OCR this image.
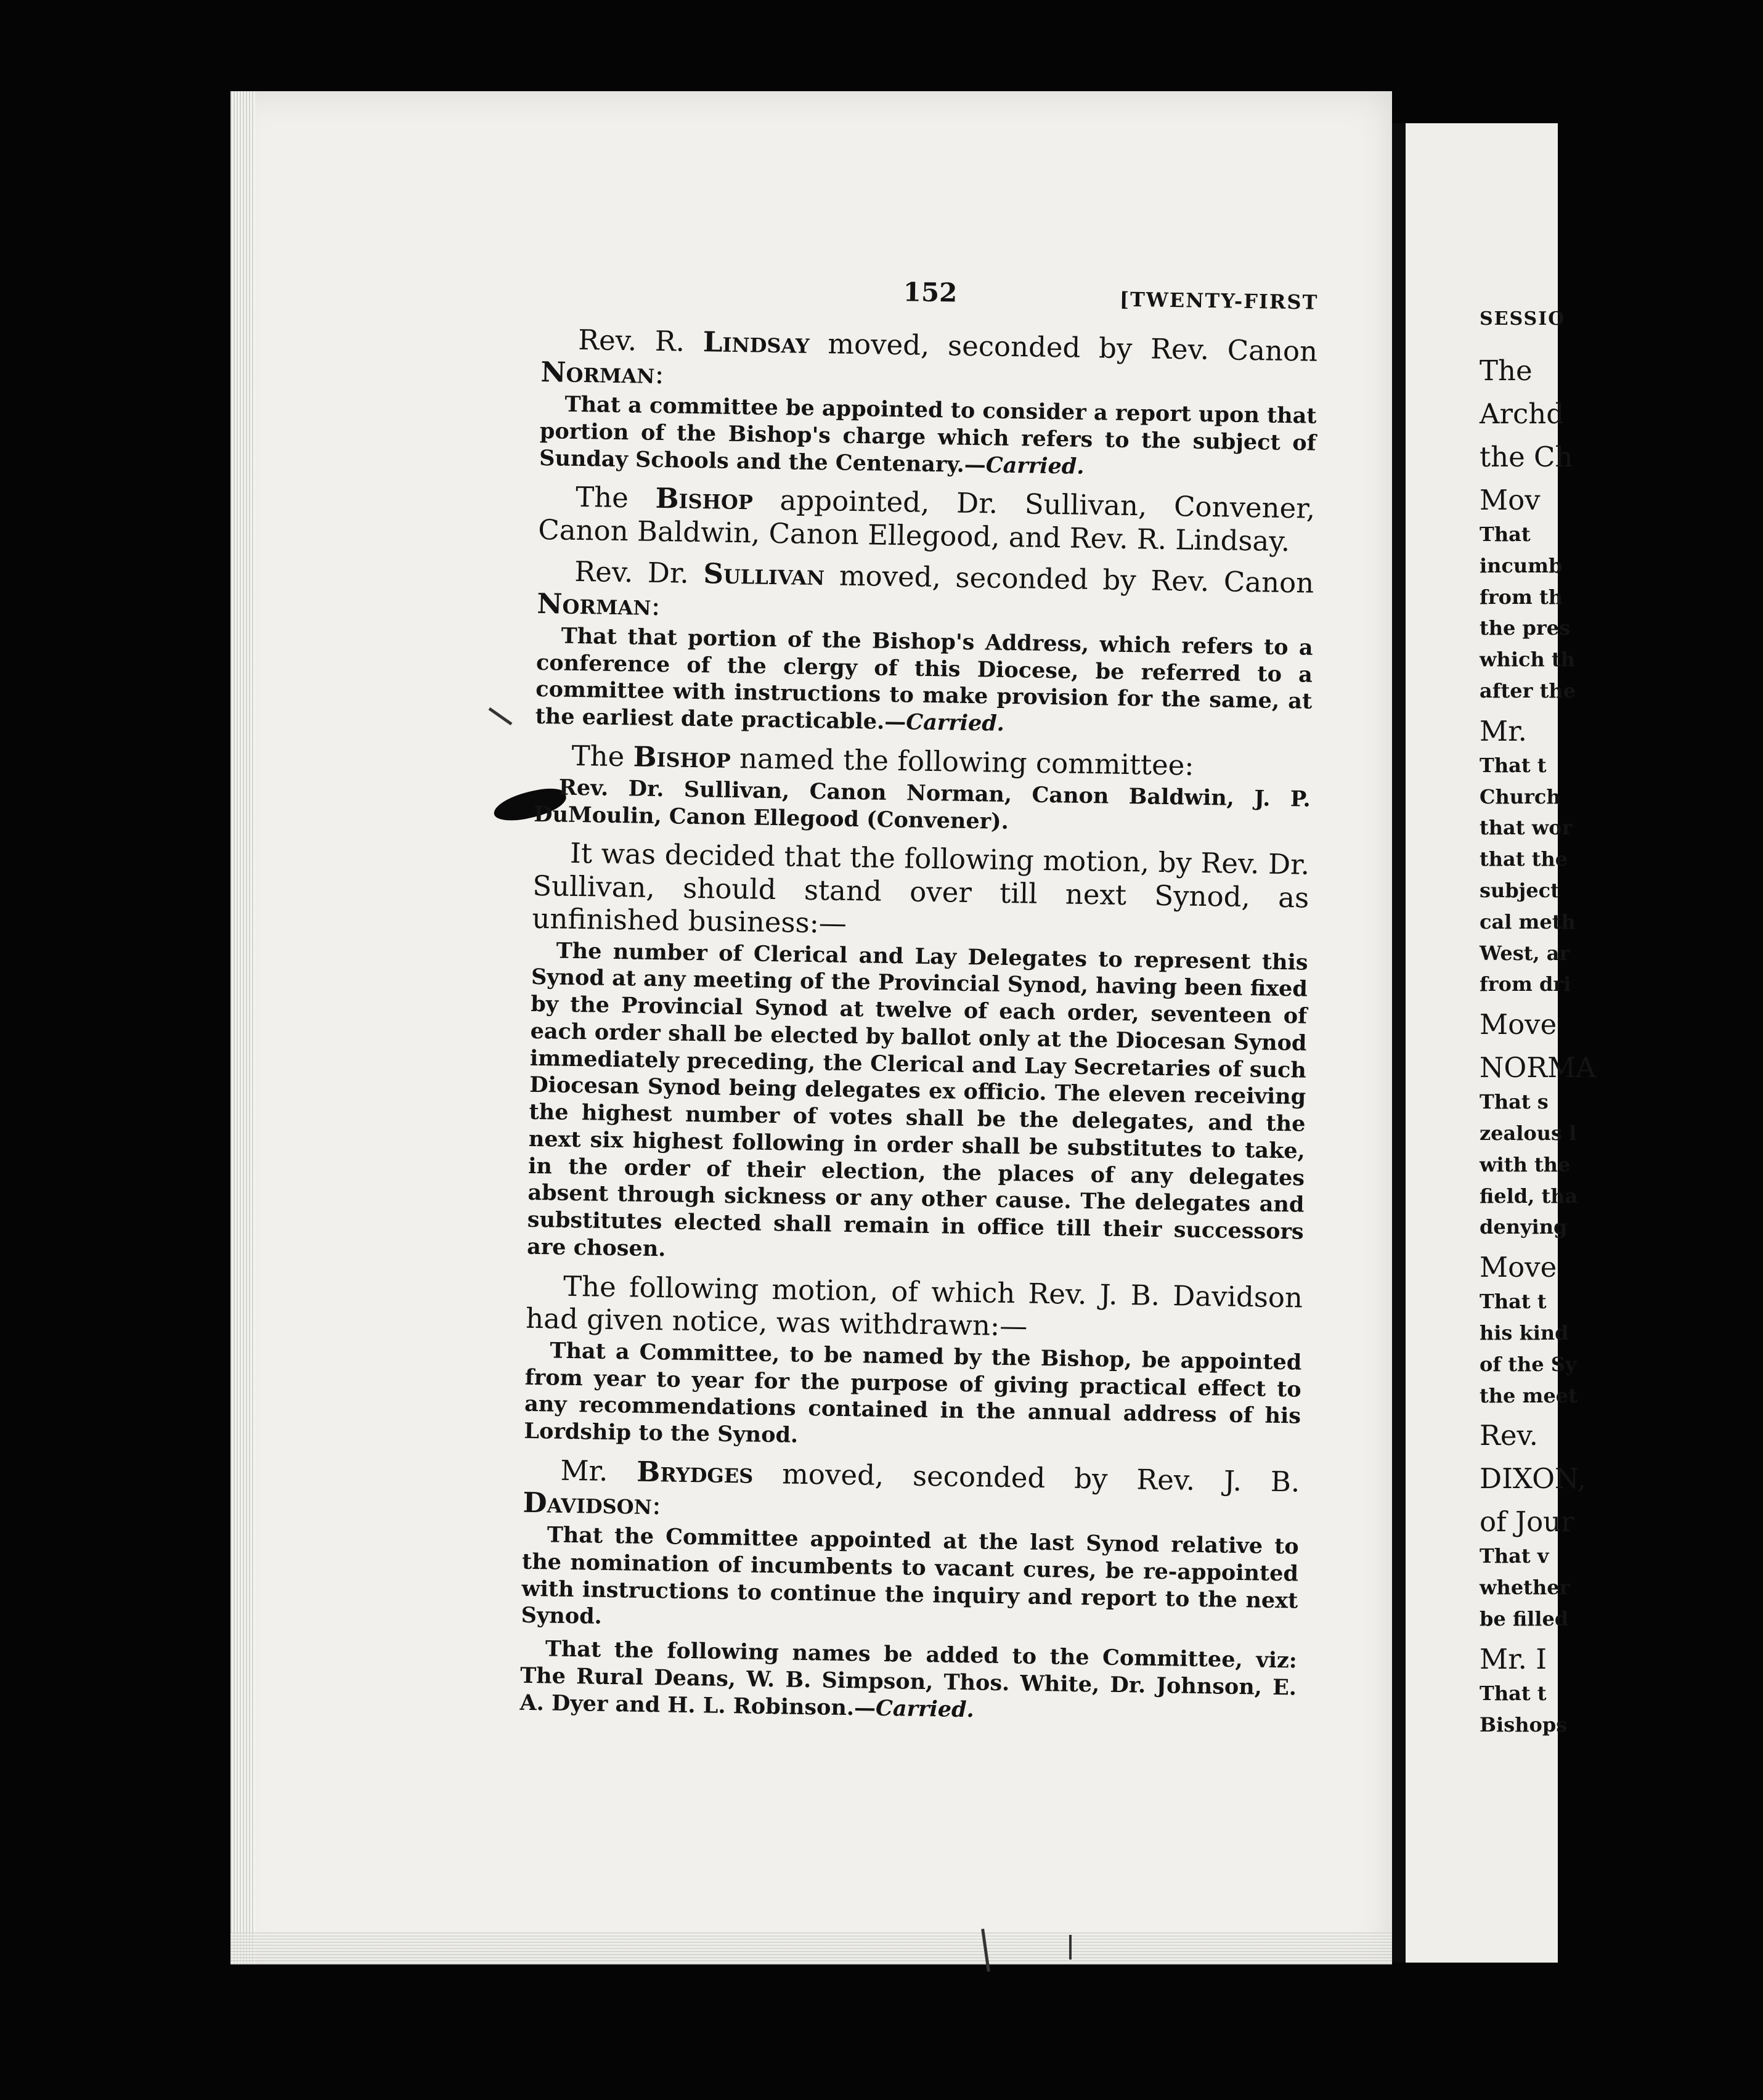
SESSIO
The
Archd
the Ch
Mov
That
incumb
from th
the pres
which th
after the
Mr.
That t
Church
that wor
that the
subject
cal meth
West, ar
from dri
Move
NORMA
That s
zealous l
with the
field, tha
denying
Move
That t
his kind
of the Sy
the meet
Rev.
DIXON,
of Jour
That v
whether
be filled
Mr. I
That t
Bishops
152	[TWENTY-FIRST

Rev. R. Lindsay moved, seconded by Rev. Canon Norman:

That a committee be appointed to consider a report upon that portion of the Bishop's charge which refers to the subject of Sunday Schools and the Centenary.—Carried.

The Bishop appointed, Dr. Sullivan, Convener, Canon Baldwin, Canon Ellegood, and Rev. R. Lindsay.

Rev. Dr. Sullivan moved, seconded by Rev. Canon Norman:

That that portion of the Bishop's Address, which refers to a conference of the clergy of this Diocese, be referred to a committee with instructions to make provision for the same, at the earliest date practicable.—Carried.

The Bishop named the following committee:

Rev. Dr. Sullivan, Canon Norman, Canon Baldwin, J. P. DuMoulin, Canon Ellegood (Convener).

It was decided that the following motion, by Rev. Dr. Sullivan, should stand over till next Synod, as unfinished business:—

The number of Clerical and Lay Delegates to represent this Synod at any meeting of the Provincial Synod, having been fixed by the Provincial Synod at twelve of each order, seventeen of each order shall be elected by ballot only at the Diocesan Synod immediately preceding, the Clerical and Lay Secretaries of such Diocesan Synod being delegates ex officio. The eleven receiving the highest number of votes shall be the delegates, and the next six highest following in order shall be substitutes to take, in the order of their election, the places of any delegates absent through sickness or any other cause. The delegates and substitutes elected shall remain in office till their successors are chosen.

The following motion, of which Rev. J. B. Davidson had given notice, was withdrawn:—

That a Committee, to be named by the Bishop, be appointed from year to year for the purpose of giving practical effect to any recommendations contained in the annual address of his Lordship to the Synod.

Mr. Brydges moved, seconded by Rev. J. B. Davidson:

That the Committee appointed at the last Synod relative to the nomination of incumbents to vacant cures, be re-appointed with instructions to continue the inquiry and report to the next Synod.

That the following names be added to the Committee, viz: The Rural Deans, W. B. Simpson, Thos. White, Dr. Johnson, E. A. Dyer and H. L. Robinson.—Carried.
